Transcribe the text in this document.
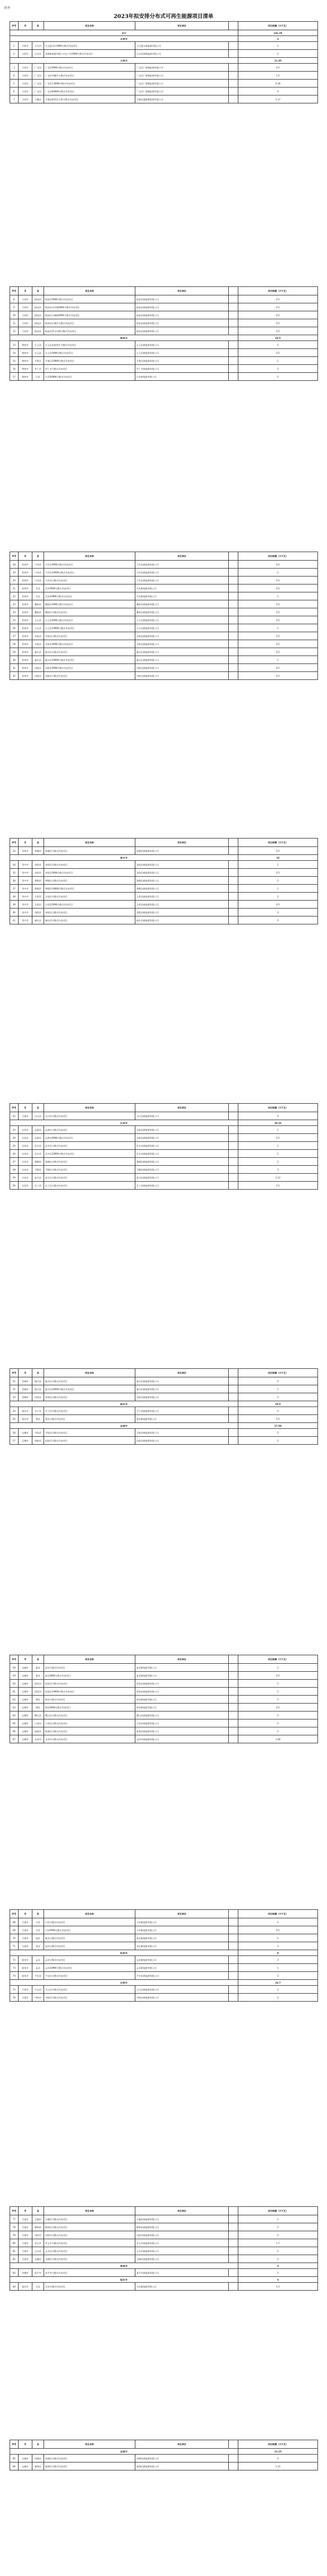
附件
2023年拟安排分布式可再生能源项目清单
序号	市	县	项目名称	项目单位		项目规模（万千瓦）
合计						131.35
太原市						3
1	太原市	古交市	古交盛太村1MW分散式风电项目	古交盛太新能源有限公司		1
2	太原市	古交市	晋源新能源有限公司屯兰村2MW分散式风电项目	古交晋源新能源有限公司		2
大同市						11.35
3	大同市	广灵县	广灵县5MW分散式风电项目	广灵县广源新能源有限公司		0.5
4	大同市	广灵县	广灵县作疃乡分散式风电项目	广灵县广源新能源有限公司		1.5
5	大同市	广灵县	广灵县1.8MW分散式风电项目	广灵县广源新能源有限公司		0.18
6	大同市	广灵县	广灵县60MW分散式风电项目	广灵县广源新能源有限公司		6
7	大同市	天镇县	天镇县新荣区石桥分散式风电项目	天镇县鑫源新能源有限公司		3.17
序号	市	县	项目名称	项目单位		项目规模（万千瓦）
8	大同市	阳高县	阳高县5MW分散式风电项目	阳高县新能源有限公司		0.5
9	大同市	阳高县	阳高县友宰镇5MW分散式风电项目	阳高县新能源有限公司		0.5
10	大同市	阳高县	阳高县古城镇5MW分散式风电项目	阳高县新能源有限公司		0.5
11	大同市	阳高县	阳高县长城乡分散式风电项目	阳高县新能源有限公司		0.5
12	大同市	阳高县	阳高县罗文皂镇分散式风电项目	阳高县新能源有限公司		0.5
朔州市						16.5
13	朔州市	右玉县	右玉县高家堡乡分散式风电项目	右玉县新能源有限公司		5
14	朔州市	右玉县	右玉县5MW分散式风电项目	右玉县新能源有限公司		0.5
15	朔州市	平鲁区	平鲁区10MW分散式风电项目	平鲁区新能源有限公司		1
16	朔州市	怀仁市	怀仁市分散式风电项目	怀仁市新能源有限公司		5
17	朔州市	应县	应县50MW分散式风电项目	应县新能源有限公司		5
序号	市	县	项目名称	项目单位		项目规模（万千瓦）
18	忻州市	宁武县	宁武县5MW分散式风电项目	宁武县新能源有限公司		0.5
19	忻州市	宁武县	宁武县10MW分散式风电项目	宁武县新能源有限公司		1
20	忻州市	宁武县	宁武县分散式风电项目	宁武县新能源有限公司		0.5
21	忻州市	代县	代县5MW分散式风电项目	代县新能源有限公司		0.5
22	忻州市	代县	代县10MW分散式风电项目	代县新能源有限公司		1
23	忻州市	繁峙县	繁峙县5MW分散式风电项目	繁峙县新能源有限公司		0.5
24	忻州市	繁峙县	繁峙县分散式风电项目	繁峙县新能源有限公司		0.5
25	忻州市	五台县	五台县5MW分散式风电项目	五台县新能源有限公司		0.5
26	忻州市	五台县	五台县10MW分散式风电项目	五台县新能源有限公司		1
27	忻州市	岢岚县	岢岚县分散式风电项目	岢岚县新能源有限公司		0.5
28	忻州市	岢岚县	岢岚县5MW分散式风电项目	岢岚县新能源有限公司		0.5
29	忻州市	偏关县	偏关县分散式风电项目	偏关县新能源有限公司		0.5
30	忻州市	偏关县	偏关县10MW分散式风电项目	偏关县新能源有限公司		1
31	忻州市	河曲县	河曲县5MW分散式风电项目	河曲县新能源有限公司		0.5
32	忻州市	河曲县	河曲县分散式风电项目	河曲县新能源有限公司		0.5
序号	市	县	项目名称	项目单位		项目规模（万千瓦）
33	忻州市	保德县	保德县分散式风电项目	保德县新能源有限公司		0.5
晋中市						15
34	晋中市	昔阳县	昔阳县分散式风电项目	昔阳县新能源有限公司		1
35	晋中市	昔阳县	昔阳县5MW分散式风电项目	昔阳县新能源有限公司		0.5
36	晋中市	和顺县	和顺县分散式风电项目	和顺县新能源有限公司		2
37	晋中市	和顺县	和顺县10MW分散式风电项目	和顺县新能源有限公司		1
38	晋中市	左权县	左权县分散式风电项目	左权县新能源有限公司		2
39	晋中市	左权县	左权县5MW分散式风电项目	左权县新能源有限公司		0.5
40	晋中市	寿阳县	寿阳县分散式风电项目	寿阳县新能源有限公司		3
41	晋中市	榆社县	榆社县分散式风电项目	榆社县新能源有限公司		5
序号	市	县	项目名称	项目单位		项目规模（万千瓦）
42	吕梁市	交口县	交口县分散式风电项目	交口县新能源有限公司		5
长治市						14.22
43	长治市	沁源县	沁源县分散式风电项目	沁源县新能源有限公司		1
44	长治市	沁源县	沁源县5MW分散式风电项目	沁源县新能源有限公司		0.5
45	长治市	武乡县	武乡县分散式风电项目	武乡县新能源有限公司		2
46	长治市	武乡县	武乡县10MW分散式风电项目	武乡县新能源有限公司		1
47	长治市	黎城县	黎城县分散式风电项目	黎城县新能源有限公司		2
48	长治市	平顺县	平顺县分散式风电项目	平顺县新能源有限公司		3
49	长治市	壶关县	壶关县分散式风电项目	壶关县新能源有限公司		2.22
50	长治市	长子县	长子县分散式风电项目	长子县新能源有限公司		2.5
序号	市	县	项目名称	项目单位		项目规模（万千瓦）
51	晋城市	陵川县	陵川县分散式风电项目	陵川县新能源有限公司		5
52	晋城市	陵川县	陵川县10MW分散式风电项目	陵川县新能源有限公司		1
53	晋城市	泽州县	泽州县分散式风电项目	泽州县新能源有限公司		2
临汾市						10.5
54	临汾市	乡宁县	乡宁县分散式风电项目	乡宁县新能源有限公司		5
55	临汾市	蒲县	蒲县分散式风电项目	蒲县新能源有限公司		5.5
运城市						17.58
56	运城市	平陆县	平陆县分散式风电项目	平陆县新能源有限公司		5
57	运城市	垣曲县	垣曲县分散式风电项目	垣曲县新能源有限公司		5
序号	市	县	项目名称	项目单位		项目规模（万千瓦）
58	运城市	夏县	夏县分散式风电项目	夏县新能源有限公司		2
59	运城市	夏县	夏县5MW分散式风电项目	夏县新能源有限公司		0.5
60	运城市	闻喜县	闻喜县分散式风电项目	闻喜县新能源有限公司		1
61	运城市	闻喜县	闻喜县10MW分散式风电项目	闻喜县新能源有限公司		1
62	运城市	绛县	绛县分散式风电项目	绛县新能源有限公司		2
63	运城市	绛县	绛县5MW分散式风电项目	绛县新能源有限公司		0.5
64	运城市	稷山县	稷山县分散式风电项目	稷山县新能源有限公司		1
65	运城市	万荣县	万荣县分散式风电项目	万荣县新能源有限公司		2
66	运城市	临猗县	临猗县分散式风电项目	临猗县新能源有限公司		1
67	运城市	永济市	永济市分散式风电项目	永济市新能源有限公司		1.58
序号	市	县	项目名称	项目单位		项目规模（万千瓦）
68	吕梁市	兴县	兴县分散式风电项目	兴县新能源有限公司		2
69	吕梁市	兴县	兴县5MW分散式风电项目	兴县新能源有限公司		0.5
70	吕梁市	临县	临县分散式风电项目	临县新能源有限公司		2
71	吕梁市	岚县	岚县分散式风电项目	岚县新能源有限公司		3
阳泉市						8
72	阳泉市	盂县	盂县分散式风电项目	盂县新能源有限公司		3
73	阳泉市	盂县	盂县10MW分散式风电项目	盂县新能源有限公司		1
74	阳泉市	平定县	平定县分散式风电项目	平定县新能源有限公司		2
吕梁市						16.7
75	吕梁市	方山县	方山县分散式风电项目	方山县新能源有限公司		2
76	吕梁市	中阳县	中阳县分散式风电项目	中阳县新能源有限公司		2
序号	市	县	项目名称	项目单位		项目规模（万千瓦）
77	吕梁市	石楼县	石楼县分散式风电项目	石楼县新能源有限公司		1
78	吕梁市	柳林县	柳林县分散式风电项目	柳林县新能源有限公司		2
79	吕梁市	汾阳市	汾阳市分散式风电项目	汾阳市新能源有限公司		1
80	吕梁市	孝义市	孝义市分散式风电项目	孝义市新能源有限公司		1.7
81	吕梁市	文水县	文水县分散式风电项目	文水县新能源有限公司		2
82	吕梁市	交城县	交城县分散式风电项目	交城县新能源有限公司		2
晋城市						3
83	晋城市	高平市	高平市分散式风电项目	高平市新能源有限公司		1
临汾市						3
84	临汾市	吉县	吉县分散式风电项目	吉县新能源有限公司		1.5
序号	市	县	项目名称	项目单位		项目规模（万千瓦）
运城市						11.15
85	运城市	芮城县	芮城县分散式风电项目	芮城县新能源有限公司		5
86	运城市	新绛县	新绛县分散式风电项目	新绛县新能源有限公司		1.15
